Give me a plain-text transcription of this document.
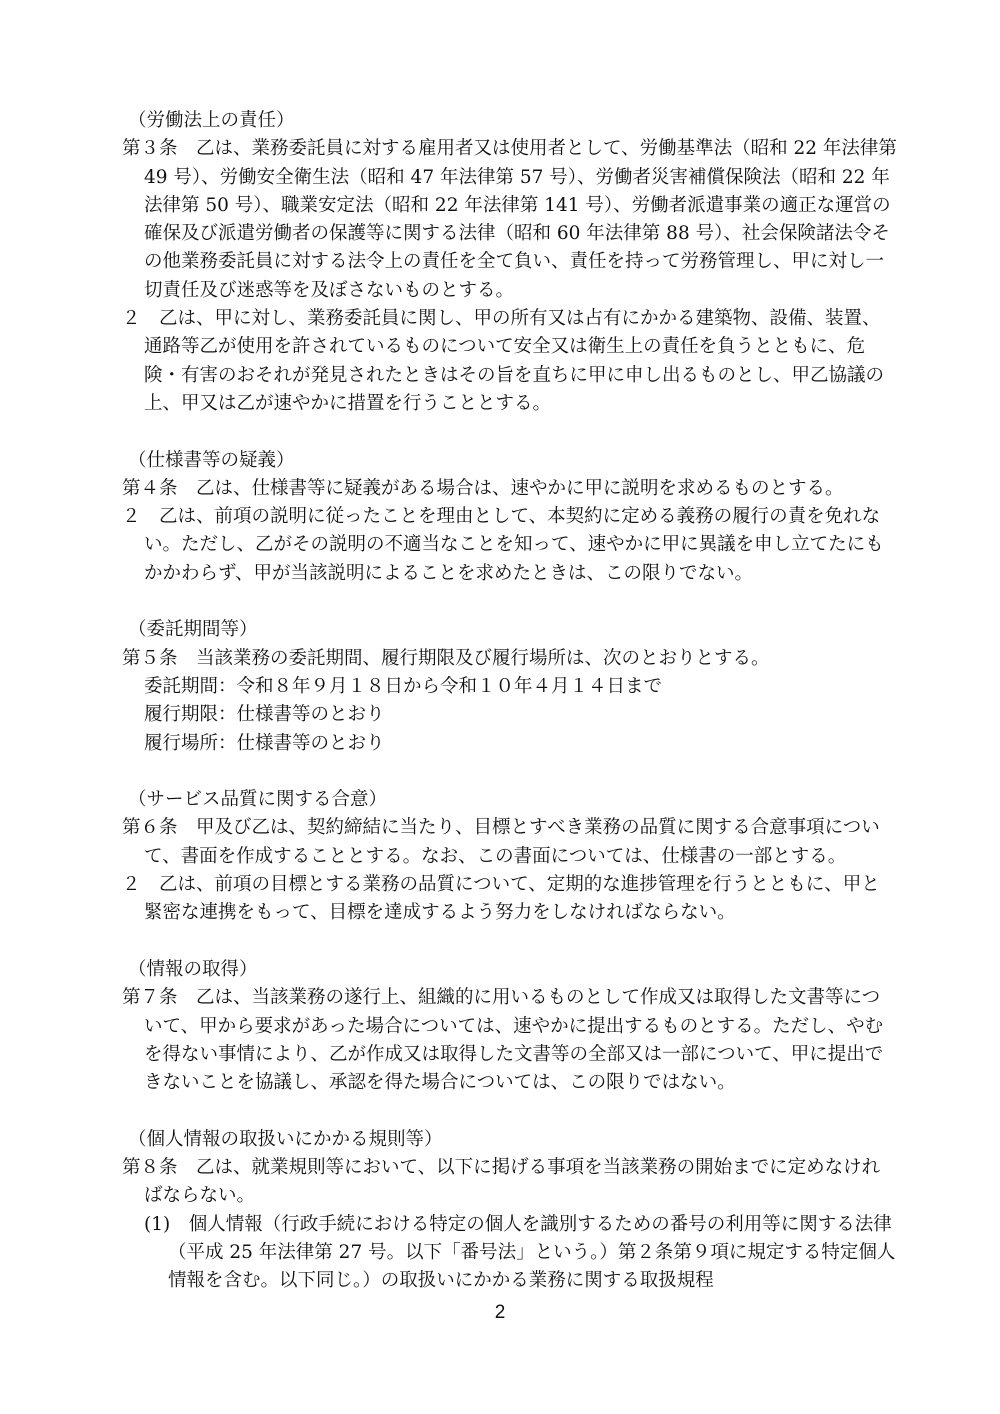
（労働法上の責任）
第３条　乙は、業務委託員に対する雇用者又は使用者として、労働基準法（昭和 22 年法律第 49 号）、労働安全衛生法（昭和 47 年法律第 57 号）、労働者災害補償保険法（昭和 22 年法律第 50 号）、職業安定法（昭和 22 年法律第 141 号）、労働者派遣事業の適正な運営の確保及び派遣労働者の保護等に関する法律（昭和 60 年法律第 88 号）、社会保険諸法令その他業務委託員に対する法令上の責任を全て負い、責任を持って労務管理し、甲に対し一切責任及び迷惑等を及ぼさないものとする。
２　乙は、甲に対し、業務委託員に関し、甲の所有又は占有にかかる建築物、設備、装置、通路等乙が使用を許されているものについて安全又は衛生上の責任を負うとともに、危険・有害のおそれが発見されたときはその旨を直ちに甲に申し出るものとし、甲乙協議の上、甲又は乙が速やかに措置を行うこととする。
（仕様書等の疑義）
第４条　乙は、仕様書等に疑義がある場合は、速やかに甲に説明を求めるものとする。
２　乙は、前項の説明に従ったことを理由として、本契約に定める義務の履行の責を免れない。ただし、乙がその説明の不適当なことを知って、速やかに甲に異議を申し立てたにもかかわらず、甲が当該説明によることを求めたときは、この限りでない。
（委託期間等）
第５条　当該業務の委託期間、履行期限及び履行場所は、次のとおりとする。
委託期間：令和８年９月１８日から令和１０年４月１４日まで
履行期限：仕様書等のとおり
履行場所：仕様書等のとおり
（サービス品質に関する合意）
第６条　甲及び乙は、契約締結に当たり、目標とすべき業務の品質に関する合意事項について、書面を作成することとする。なお、この書面については、仕様書の一部とする。
２　乙は、前項の目標とする業務の品質について、定期的な進捗管理を行うとともに、甲と緊密な連携をもって、目標を達成するよう努力をしなければならない。
（情報の取得）
第７条　乙は、当該業務の遂行上、組織的に用いるものとして作成又は取得した文書等について、甲から要求があった場合については、速やかに提出するものとする。ただし、やむを得ない事情により、乙が作成又は取得した文書等の全部又は一部について、甲に提出できないことを協議し、承認を得た場合については、この限りではない。
（個人情報の取扱いにかかる規則等）
第８条　乙は、就業規則等において、以下に掲げる事項を当該業務の開始までに定めなければならない。
(1)　個人情報（行政手続における特定の個人を識別するための番号の利用等に関する法律（平成 25 年法律第 27 号。以下「番号法」という。）第２条第９項に規定する特定個人情報を含む。以下同じ。）の取扱いにかかる業務に関する取扱規程
2
